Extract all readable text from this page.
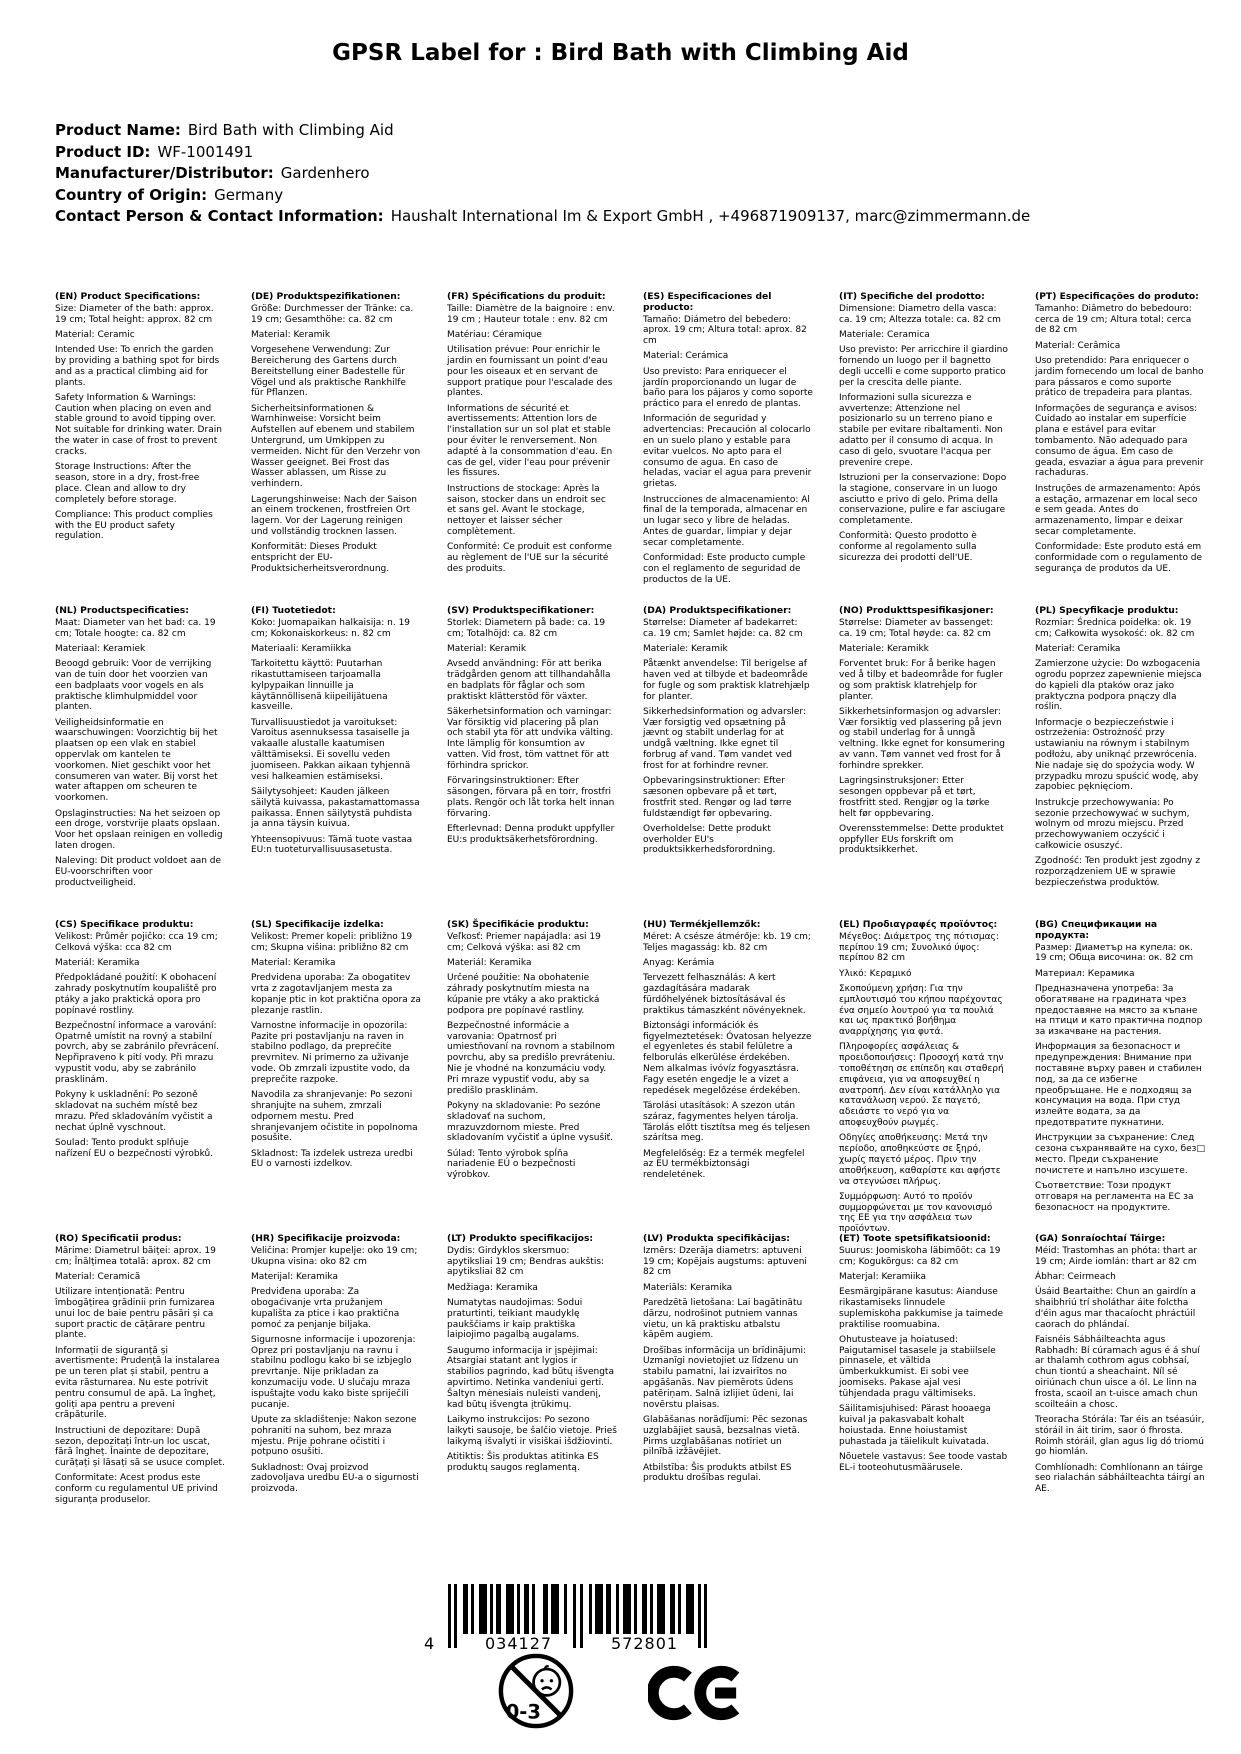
GPSR Label for : Bird Bath with Climbing Aid
Product Name: Bird Bath with Climbing Aid
Product ID: WF-1001491
Manufacturer/Distributor: Gardenhero
Country of Origin: Germany
Contact Person & Contact Information: Haushalt International Im & Export GmbH , +496871909137, marc@zimmermann.de

(EN) Product Specifications:

Size: Diameter of the bath: approx. 19 cm; Total height: approx. 82 cm

Material: Ceramic

Intended Use: To enrich the garden by providing a bathing spot for birds and as a practical climbing aid for plants.

Safety Information & Warnings: Caution when placing on even and stable ground to avoid tipping over. Not suitable for drinking water. Drain the water in case of frost to prevent cracks.

Storage Instructions: After the season, store in a dry, frost-free place. Clean and allow to dry completely before storage.

Compliance: This product complies with the EU product safety regulation.

(DE) Produktspezifikationen:

Größe: Durchmesser der Tränke: ca. 19 cm; Gesamthöhe: ca. 82 cm

Material: Keramik

Vorgesehene Verwendung: Zur Bereicherung des Gartens durch Bereitstellung einer Badestelle für Vögel und als praktische Rankhilfe für Pflanzen.

Sicherheitsinformationen & Warnhinweise: Vorsicht beim Aufstellen auf ebenem und stabilem Untergrund, um Umkippen zu vermeiden. Nicht für den Verzehr von Wasser geeignet. Bei Frost das Wasser ablassen, um Risse zu verhindern.

Lagerungshinweise: Nach der Saison an einem trockenen, frostfreien Ort lagern. Vor der Lagerung reinigen und vollständig trocknen lassen.

Konformität: Dieses Produkt entspricht der EU-Produktsicherheitsverordnung.

(FR) Spécifications du produit:

Taille: Diamètre de la baignoire : env. 19 cm ; Hauteur totale : env. 82 cm

Matériau: Céramique

Utilisation prévue: Pour enrichir le jardin en fournissant un point d'eau pour les oiseaux et en servant de support pratique pour l'escalade des plantes.

Informations de sécurité et avertissements: Attention lors de l'installation sur un sol plat et stable pour éviter le renversement. Non adapté à la consommation d'eau. En cas de gel, vider l'eau pour prévenir les fissures.

Instructions de stockage: Après la saison, stocker dans un endroit sec et sans gel. Avant le stockage, nettoyer et laisser sécher complètement.

Conformité: Ce produit est conforme au règlement de l'UE sur la sécurité des produits.

(ES) Especificaciones del producto:

Tamaño: Diámetro del bebedero: aprox. 19 cm; Altura total: aprox. 82 cm

Material: Cerámica

Uso previsto: Para enriquecer el jardín proporcionando un lugar de baño para los pájaros y como soporte práctico para el enredo de plantas.

Información de seguridad y advertencias: Precaución al colocarlo en un suelo plano y estable para evitar vuelcos. No apto para el consumo de agua. En caso de heladas, vaciar el agua para prevenir grietas.

Instrucciones de almacenamiento: Al final de la temporada, almacenar en un lugar seco y libre de heladas. Antes de guardar, limpiar y dejar secar completamente.

Conformidad: Este producto cumple con el reglamento de seguridad de productos de la UE.

(IT) Specifiche del prodotto:

Dimensione: Diametro della vasca: ca. 19 cm; Altezza totale: ca. 82 cm

Materiale: Ceramica

Uso previsto: Per arricchire il giardino fornendo un luogo per il bagnetto degli uccelli e come supporto pratico per la crescita delle piante.

Informazioni sulla sicurezza e avvertenze: Attenzione nel posizionarlo su un terreno piano e stabile per evitare ribaltamenti. Non adatto per il consumo di acqua. In caso di gelo, svuotare l'acqua per prevenire crepe.

Istruzioni per la conservazione: Dopo la stagione, conservare in un luogo asciutto e privo di gelo. Prima della conservazione, pulire e far asciugare completamente.

Conformità: Questo prodotto è conforme al regolamento sulla sicurezza dei prodotti dell'UE.

(PT) Especificações do produto:

Tamanho: Diâmetro do bebedouro: cerca de 19 cm; Altura total: cerca de 82 cm

Material: Cerâmica

Uso pretendido: Para enriquecer o jardim fornecendo um local de banho para pássaros e como suporte prático de trepadeira para plantas.

Informações de segurança e avisos: Cuidado ao instalar em superfície plana e estável para evitar tombamento. Não adequado para consumo de água. Em caso de geada, esvaziar a água para prevenir rachaduras.

Instruções de armazenamento: Após a estação, armazenar em local seco e sem geada. Antes do armazenamento, limpar e deixar secar completamente.

Conformidade: Este produto está em conformidade com o regulamento de segurança de produtos da UE.

(NL) Productspecificaties:

Maat: Diameter van het bad: ca. 19 cm; Totale hoogte: ca. 82 cm

Materiaal: Keramiek

Beoogd gebruik: Voor de verrijking van de tuin door het voorzien van een badplaats voor vogels en als praktische klimhulpmiddel voor planten.

Veiligheidsinformatie en waarschuwingen: Voorzichtig bij het plaatsen op een vlak en stabiel oppervlak om kantelen te voorkomen. Niet geschikt voor het consumeren van water. Bij vorst het water aftappen om scheuren te voorkomen.

Opslaginstructies: Na het seizoen op een droge, vorstvrije plaats opslaan. Voor het opslaan reinigen en volledig laten drogen.

Naleving: Dit product voldoet aan de EU-voorschriften voor productveiligheid.

(FI) Tuotetiedot:

Koko: Juomapaikan halkaisija: n. 19 cm; Kokonaiskorkeus: n. 82 cm

Materiaali: Keramiikka

Tarkoitettu käyttö: Puutarhan rikastuttamiseen tarjoamalla kylpypaikan linnuille ja käytännöllisenä kiipeilijätuena kasveille.

Turvallisuustiedot ja varoitukset: Varoitus asennuksessa tasaiselle ja vakaalle alustalle kaatumisen välttämiseksi. Ei sovellu veden juomiseen. Pakkan aikaan tyhjennä vesi halkeamien estämiseksi.

Säilytysohjeet: Kauden jälkeen säilytä kuivassa, pakastamattomassa paikassa. Ennen säilytystä puhdista ja anna täysin kuivua.

Yhteensopivuus: Tämä tuote vastaa EU:n tuoteturvallisuusasetusta.

(SV) Produktspecifikationer:

Storlek: Diametern på bade: ca. 19 cm; Totalhöjd: ca. 82 cm

Material: Keramik

Avsedd användning: För att berika trädgården genom att tillhandahålla en badplats för fåglar och som praktiskt klätterstöd för växter.

Säkerhetsinformation och varningar: Var försiktig vid placering på plan och stabil yta för att undvika välting. Inte lämplig för konsumtion av vatten. Vid frost, töm vattnet för att förhindra sprickor.

Förvaringsinstruktioner: Efter säsongen, förvara på en torr, frostfri plats. Rengör och låt torka helt innan förvaring.

Efterlevnad: Denna produkt uppfyller EU:s produktsäkerhetsförordning.

(DA) Produktspecifikationer:

Størrelse: Diameter af badekarret: ca. 19 cm; Samlet højde: ca. 82 cm

Materiale: Keramik

Påtænkt anvendelse: Til berigelse af haven ved at tilbyde et badeområde for fugle og som praktisk klatrehjælp for planter.

Sikkerhedsinformation og advarsler: Vær forsigtig ved opsætning på jævnt og stabilt underlag for at undgå væltning. Ikke egnet til forbrug af vand. Tøm vandet ved frost for at forhindre revner.

Opbevaringsinstruktioner: Efter sæsonen opbevare på et tørt, frostfrit sted. Rengør og lad tørre fuldstændigt før opbevaring.

Overholdelse: Dette produkt overholder EU's produktsikkerhedsforordning.

(NO) Produkttspesifikasjoner:

Størrelse: Diameter av bassenget: ca. 19 cm; Total høyde: ca. 82 cm

Materiale: Keramikk

Forventet bruk: For å berike hagen ved å tilby et badeområde for fugler og som praktisk klatrehjelp for planter.

Sikkerhetsinformasjon og advarsler: Vær forsiktig ved plassering på jevn og stabil underlag for å unngå veltning. Ikke egnet for konsumering av vann. Tøm vannet ved frost for å forhindre sprekker.

Lagringsinstruksjoner: Etter sesongen oppbevar på et tørt, frostfritt sted. Rengjør og la tørke helt før oppbevaring.

Overensstemmelse: Dette produktet oppfyller EUs forskrift om produktsikkerhet.

(PL) Specyfikacje produktu:

Rozmiar: Średnica poidełka: ok. 19 cm; Całkowita wysokość: ok. 82 cm

Materiał: Ceramika

Zamierzone użycie: Do wzbogacenia ogrodu poprzez zapewnienie miejsca do kąpieli dla ptaków oraz jako praktyczna podpora pnączy dla roślin.

Informacje o bezpieczeństwie i ostrzeżenia: Ostrożność przy ustawianiu na równym i stabilnym podłożu, aby uniknąć przewrócenia. Nie nadaje się do spożycia wody. W przypadku mrozu spuścić wodę, aby zapobiec pęknięciom.

Instrukcje przechowywania: Po sezonie przechowywać w suchym, wolnym od mrozu miejscu. Przed przechowywaniem oczyścić i całkowicie osuszyć.

Zgodność: Ten produkt jest zgodny z rozporządzeniem UE w sprawie bezpieczeństwa produktów.

(CS) Specifikace produktu:

Velikost: Průměr pojičko: cca 19 cm; Celková výška: cca 82 cm

Materiál: Keramika

Předpokládané použití: K obohacení zahrady poskytnutím koupaliště pro ptáky a jako praktická opora pro popínavé rostliny.

Bezpečnostní informace a varování: Opatrně umístit na rovný a stabilní povrch, aby se zabránilo převrácení. Nepřipraveno k pití vody. Při mrazu vypustit vodu, aby se zabránilo prasklinám.

Pokyny k uskladnění: Po sezoně skladovat na suchém místě bez mrazu. Před skladováním vyčistit a nechat úplně vyschnout.

Soulad: Tento produkt splňuje nařízení EU o bezpečnosti výrobků.

(SL) Specifikacije izdelka:

Velikost: Premer kopeli: približno 19 cm; Skupna višina: približno 82 cm

Material: Keramika

Predvidena uporaba: Za obogatitev vrta z zagotavljanjem mesta za kopanje ptic in kot praktična opora za plezanje rastlin.

Varnostne informacije in opozorila: Pazite pri postavljanju na raven in stabilno podlago, da preprečite prevrnitev. Ni primerno za uživanje vode. Ob zmrzali izpustite vodo, da preprečite razpoke.

Navodila za shranjevanje: Po sezoni shranjujte na suhem, zmrzali odpornem mestu. Pred shranjevanjem očistite in popolnoma posušite.

Skladnost: Ta izdelek ustreza uredbi EU o varnosti izdelkov.

(SK) Špecifikácie produktu:

Veľkosť: Priemer napájadla: asi 19 cm; Celková výška: asi 82 cm

Materiál: Keramika

Určené použitie: Na obohatenie záhrady poskytnutím miesta na kúpanie pre vtáky a ako praktická podpora pre popínavé rastliny.

Bezpečnostné informácie a varovania: Opatrnosť pri umiestňovaní na rovnom a stabilnom povrchu, aby sa predišlo prevráteniu. Nie je vhodné na konzumáciu vody. Pri mraze vypustiť vodu, aby sa predišlo prasklinám.

Pokyny na skladovanie: Po sezóne skladovať na suchom, mrazuvzdornom mieste. Pred skladovaním vyčistiť a úplne vysušiť.

Súlad: Tento výrobok spĺňa nariadenie EÚ o bezpečnosti výrobkov.

(HU) Termékjellemzők:

Méret: A csésze átmérője: kb. 19 cm; Teljes magasság: kb. 82 cm

Anyag: Kerámia

Tervezett felhasználás: A kert gazdagítására madarak fürdőhelyének biztosításával és praktikus támaszként növényeknek.

Biztonsági információk és figyelmeztetések: Óvatosan helyezze el egyenletes és stabil felületre a felborulás elkerülése érdekében. Nem alkalmas ivóvíz fogyasztásra. Fagy esetén engedje le a vizet a repedések megelőzése érdekében.

Tárolási utasítások: A szezon után száraz, fagymentes helyen tárolja. Tárolás előtt tisztítsa meg és teljesen szárítsa meg.

Megfelelőség: Ez a termék megfelel az EU termékbiztonsági rendeletének.

(EL) Προδιαγραφές προϊόντος:

Μέγεθος: Διάμετρος της πότισμας: περίπου 19 cm; Συνολικό ύψος: περίπου 82 cm

Υλικό: Κεραμικό

Σκοπούμενη χρήση: Για την εμπλουτισμό του κήπου παρέχοντας ένα σημείο λουτρού για τα πουλιά και ως πρακτικό βοήθημα αναρρίχησης για φυτά.

Πληροφορίες ασφάλειας & προειδοποιήσεις: Προσοχή κατά την τοποθέτηση σε επίπεδη και σταθερή επιφάνεια, για να αποφευχθεί η ανατροπή. Δεν είναι κατάλληλο για κατανάλωση νερού. Σε παγετό, αδειάστε το νερό για να αποφευχθούν ρωγμές.

Οδηγίες αποθήκευσης: Μετά την περίοδο, αποθηκεύστε σε ξηρό, χωρίς παγετό μέρος. Πριν την αποθήκευση, καθαρίστε και αφήστε να στεγνώσει πλήρως.

Συμμόρφωση: Αυτό το προϊόν συμμορφώνεται με τον κανονισμό της ΕΕ για την ασφάλεια των προϊόντων.

(BG) Спецификации на продукта:

Размер: Диаметър на купела: ок. 19 cm; Обща височина: ок. 82 cm

Материал: Керамика

Предназначена употреба: За обогатяване на градината чрез предоставяне на място за къпане на птици и като практична подпор за изкачване на растения.

Информация за безопасност и предупреждения: Внимание при поставяне върху равен и стабилен под, за да се избегне преобръщане. Не е подходящ за консумация на вода. При студ излейте водата, за да предотвратите пукнатини.

Инструкции за съхранение: След сезона съхранявайте на сухо, без□ место. Преди съхранение почистете и напълно изсушете.

Съответствие: Този продукт отговаря на регламента на ЕС за безопасност на продуктите.

(RO) Specificatii produs:

Mărime: Diametrul băiței: aprox. 19 cm; Înălțimea totală: aprox. 82 cm

Material: Ceramică

Utilizare intenționată: Pentru îmbogățirea grădinii prin furnizarea unui loc de baie pentru păsări și ca suport practic de cățărare pentru plante.

Informații de siguranță și avertismente: Prudență la instalarea pe un teren plat și stabil, pentru a evita răsturnarea. Nu este potrivit pentru consumul de apă. La îngheț, goliți apa pentru a preveni crăpăturile.

Instructiuni de depozitare: După sezon, depozitați într-un loc uscat, fără îngheț. Înainte de depozitare, curățați și lăsați să se usuce complet.

Conformitate: Acest produs este conform cu regulamentul UE privind siguranța produselor.

(HR) Specifikacije proizvoda:

Veličina: Promjer kupelje: oko 19 cm; Ukupna visina: oko 82 cm

Materijal: Keramika

Predviđena uporaba: Za obogaćivanje vrta pružanjem kupališta za ptice i kao praktična pomoć za penjanje biljaka.

Sigurnosne informacije i upozorenja: Oprez pri postavljanju na ravnu i stabilnu podlogu kako bi se izbjeglo prevrtanje. Nije prikladan za konzumaciju vode. U slučaju mraza ispuštajte vodu kako biste spriječili pucanje.

Upute za skladištenje: Nakon sezone pohraniti na suhom, bez mraza mjestu. Prije pohrane očistiti i potpuno osušiti.

Sukladnost: Ovaj proizvod zadovoljava uredbu EU-a o sigurnosti proizvoda.

(LT) Produkto specifikacijos:

Dydis: Girdyklos skersmuo: apytiksliai 19 cm; Bendras aukštis: apytiksliai 82 cm

Medžiaga: Keramika

Numatytas naudojimas: Sodui praturtinti, teikiant maudyklę paukščiams ir kaip praktiška laipiojimo pagalbą augalams.

Saugumo informacija ir įspėjimai: Atsargiai statant ant lygios ir stabilios pagrindo, kad būtų išvengta apvirtimo. Netinka vandeniui gerti. Šaltyn mėnesiais nuleisti vandenį, kad būtų išvengta įtrūkimų.

Laikymo instrukcijos: Po sezono laikyti sausoje, be šalčio vietoje. Prieš laikymą išvalyti ir visiškai išdžiovinti.

Atitiktis: Šis produktas atitinka ES produktų saugos reglamentą.

(LV) Produkta specifikācijas:

Izmērs: Dzerāja diametrs: aptuveni 19 cm; Kopējais augstums: aptuveni 82 cm

Materiāls: Keramika

Paredzētā lietošana: Lai bagātinātu dārzu, nodrošinot putniem vannas vietu, un kā praktisku atbalstu kāpēm augiem.

Drošības informācija un brīdinājumi: Uzmanīgi novietojiet uz līdzenu un stabilu pamatni, lai izvairītos no apgāšanās. Nav piemērots ūdens patēriņam. Salnā izlijiet ūdeni, lai novērstu plaisas.

Glabāšanas norādījumi: Pēc sezonas uzglabājiet sausā, bezsalnas vietā. Pirms uzglabāšanas notīriet un pilnībā izžāvējiet.

Atbilstība: Šis produkts atbilst ES produktu drošības regulai.

(ET) Toote spetsifikatsioonid:

Suurus: Joomiskoha läbimõõt: ca 19 cm; Kogukõrgus: ca 82 cm

Materjal: Keramiika

Eesmärgipärane kasutus: Aianduse rikastamiseks linnudele suplemiskoha pakkumise ja taimede praktilise roomuabina.

Ohutusteave ja hoiatused: Paigutamisel tasasele ja stabiilsele pinnasele, et vältida ümberkukkumist. Ei sobi vee joomiseks. Pakase ajal vesi tühjendada pragu vältimiseks.

Säilitamisjuhised: Pärast hooaega kuival ja pakasvabalt kohalt hoiustada. Enne hoiustamist puhastada ja täielikult kuivatada.

Nõuetele vastavus: See toode vastab EL-i tooteohutusmäärusele.

(GA) Sonraíochtaí Táirge:

Méid: Trastomhas an phóta: thart ar 19 cm; Airde iomlán: thart ar 82 cm

Ábhar: Ceirmeach

Úsáid Beartaithe: Chun an gairdín a shaibhriú trí sholáthar áite folctha d'éin agus mar thacaíocht phráctúil caorach do phlándaí.

Faisnéis Sábháilteachta agus Rabhadh: Bí cúramach agus é á shuí ar thalamh cothrom agus cobhsaí, chun tiontú a sheachaint. Níl sé oiriúnach chun uisce a ól. Le linn na frosta, scaoil an t-uisce amach chun scoilteáin a chosc.

Treoracha Stórála: Tar éis an tséasúir, stóráil in áit tirim, saor ó fhrosta. Roimh stóráil, glan agus lig dó triomú go hiomlán.

Comhlíonadh: Comhlíonann an táirge seo rialachán sábháilteachta táirgí an AE.

4	034127	572801
0-3
